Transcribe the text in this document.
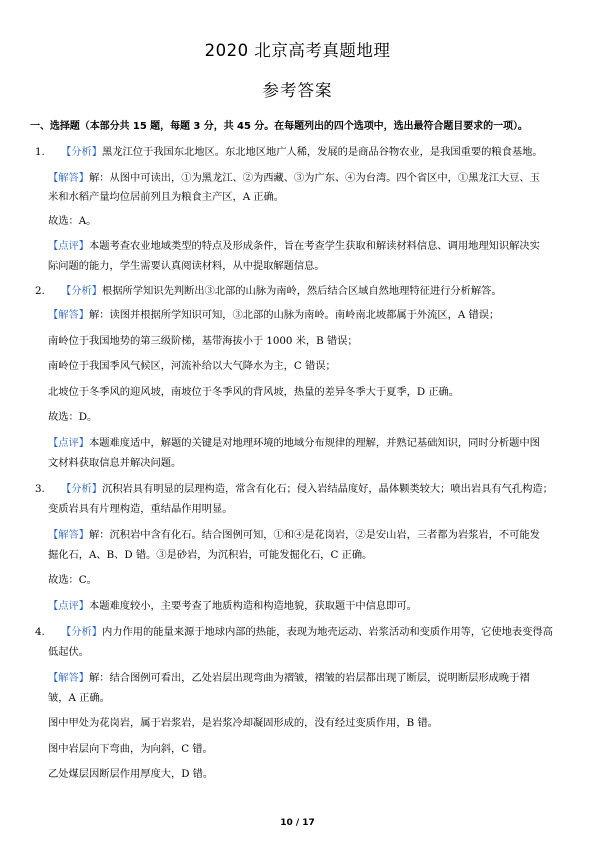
2020 北京高考真题地理
参考答案
一、选择题（本部分共 15 题，每题 3 分，共 45 分。在每题列出的四个选项中，选出最符合题目要求的一项）。
1. 【分析】黑龙江位于我国东北地区。东北地区地广人稀，发展的是商品谷物农业，是我国重要的粮食基地。
【解答】解：从图中可读出，①为黑龙江、②为西藏、③为广东、④为台湾。四个省区中，①黑龙江大豆、玉
米和水稻产量均位居前列且为粮食主产区，A 正确。
故选：A。
【点评】本题考查农业地域类型的特点及形成条件，旨在考查学生获取和解读材料信息、调用地理知识解决实
际问题的能力，学生需要认真阅读材料，从中提取解题信息。
2. 【分析】根据所学知识先判断出③北部的山脉为南岭，然后结合区域自然地理特征进行分析解答。
【解答】解：读图并根据所学知识可知，③北部的山脉为南岭。南岭南北坡都属于外流区，A 错误；
南岭位于我国地势的第三级阶梯，基带海拔小于 1000 米，B 错误；
南岭位于我国季风气候区，河流补给以大气降水为主，C 错误；
北坡位于冬季风的迎风坡，南坡位于冬季风的背风坡，热量的差异冬季大于夏季，D 正确。
故选：D。
【点评】本题难度适中，解题的关键是对地理环境的地域分布规律的理解，并熟记基础知识，同时分析题中图
文材料获取信息并解决问题。
3. 【分析】沉积岩具有明显的层理构造，常含有化石；侵入岩结晶度好，晶体颗类较大；喷出岩具有气孔构造；
变质岩具有片理构造，重结晶作用明显。
【解答】解：沉积岩中含有化石。结合图例可知，①和④是花岗岩，②是安山岩，三者都为岩浆岩，不可能发
掘化石，A、B、D 错。③是砂岩，为沉积岩，可能发掘化石，C 正确。
故选：C。
【点评】本题难度较小，主要考查了地质构造和构造地貌，获取题干中信息即可。
4. 【分析】内力作用的能量来源于地球内部的热能，表现为地壳运动、岩浆活动和变质作用等，它使地表变得高
低起伏。
【解答】解：结合图例可看出，乙处岩层出现弯曲为褶皱，褶皱的岩层都出现了断层，说明断层形成晚于褶
皱，A 正确。
图中甲处为花岗岩，属于岩浆岩，是岩浆冷却凝固形成的，没有经过变质作用，B 错。
图中岩层向下弯曲，为向斜，C 错。
乙处煤层因断层作用厚度大，D 错。
10 / 17
